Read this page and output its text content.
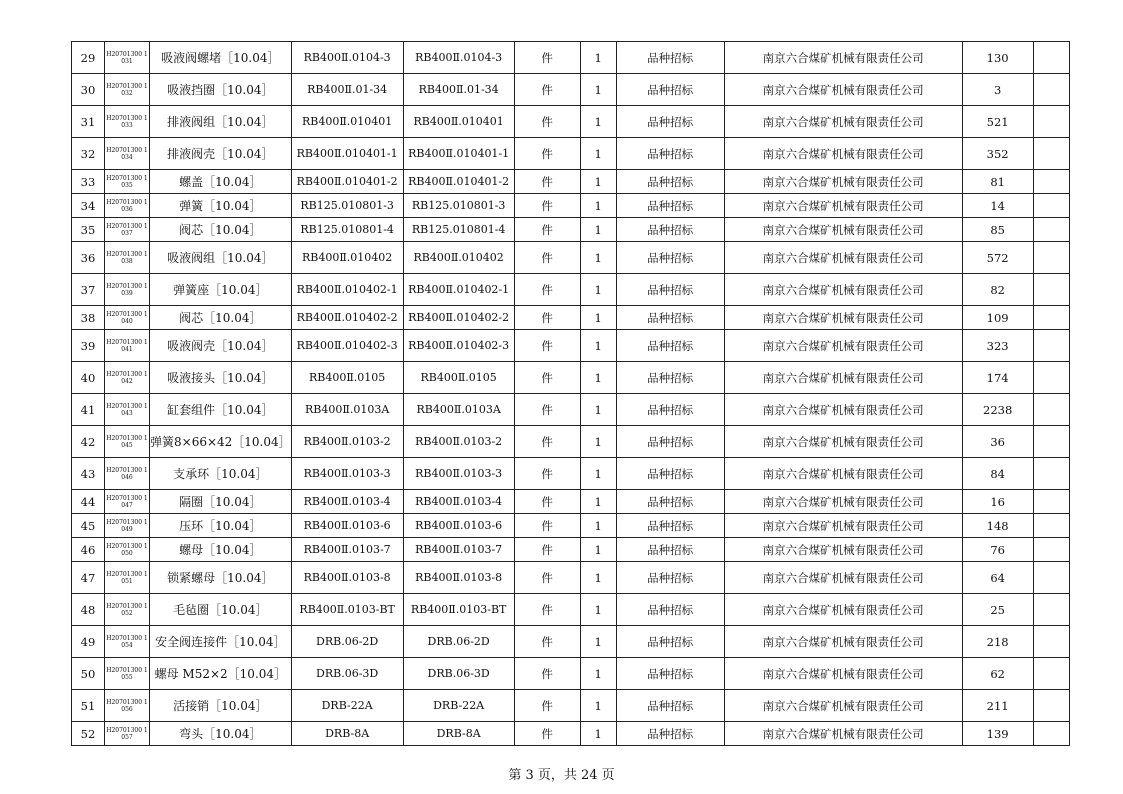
29	H20701300 1031	吸液阀螺堵［10.04］	RB400Ⅱ.0104-3	RB400Ⅱ.0104-3	件	1	品种招标	南京六合煤矿机械有限责任公司	130	
30	H20701300 1032	吸液挡圈［10.04］	RB400Ⅱ.01-34	RB400Ⅱ.01-34	件	1	品种招标	南京六合煤矿机械有限责任公司	3	
31	H20701300 1033	排液阀组［10.04］	RB400Ⅱ.010401	RB400Ⅱ.010401	件	1	品种招标	南京六合煤矿机械有限责任公司	521	
32	H20701300 1034	排液阀壳［10.04］	RB400Ⅱ.010401-1	RB400Ⅱ.010401-1	件	1	品种招标	南京六合煤矿机械有限责任公司	352	
33	H20701300 1035	螺盖［10.04］	RB400Ⅱ.010401-2	RB400Ⅱ.010401-2	件	1	品种招标	南京六合煤矿机械有限责任公司	81	
34	H20701300 1036	弹簧［10.04］	RB125.010801-3	RB125.010801-3	件	1	品种招标	南京六合煤矿机械有限责任公司	14	
35	H20701300 1037	阀芯［10.04］	RB125.010801-4	RB125.010801-4	件	1	品种招标	南京六合煤矿机械有限责任公司	85	
36	H20701300 1038	吸液阀组［10.04］	RB400Ⅱ.010402	RB400Ⅱ.010402	件	1	品种招标	南京六合煤矿机械有限责任公司	572	
37	H20701300 1039	弹簧座［10.04］	RB400Ⅱ.010402-1	RB400Ⅱ.010402-1	件	1	品种招标	南京六合煤矿机械有限责任公司	82	
38	H20701300 1040	阀芯［10.04］	RB400Ⅱ.010402-2	RB400Ⅱ.010402-2	件	1	品种招标	南京六合煤矿机械有限责任公司	109	
39	H20701300 1041	吸液阀壳［10.04］	RB400Ⅱ.010402-3	RB400Ⅱ.010402-3	件	1	品种招标	南京六合煤矿机械有限责任公司	323	
40	H20701300 1042	吸液接头［10.04］	RB400Ⅱ.0105	RB400Ⅱ.0105	件	1	品种招标	南京六合煤矿机械有限责任公司	174	
41	H20701300 1043	缸套组件［10.04］	RB400Ⅱ.0103A	RB400Ⅱ.0103A	件	1	品种招标	南京六合煤矿机械有限责任公司	2238	
42	H20701300 1045	弹簧8×66×42［10.04］	RB400Ⅱ.0103-2	RB400Ⅱ.0103-2	件	1	品种招标	南京六合煤矿机械有限责任公司	36	
43	H20701300 1046	支承环［10.04］	RB400Ⅱ.0103-3	RB400Ⅱ.0103-3	件	1	品种招标	南京六合煤矿机械有限责任公司	84	
44	H20701300 1047	隔圈［10.04］	RB400Ⅱ.0103-4	RB400Ⅱ.0103-4	件	1	品种招标	南京六合煤矿机械有限责任公司	16	
45	H20701300 1049	压环［10.04］	RB400Ⅱ.0103-6	RB400Ⅱ.0103-6	件	1	品种招标	南京六合煤矿机械有限责任公司	148	
46	H20701300 1050	螺母［10.04］	RB400Ⅱ.0103-7	RB400Ⅱ.0103-7	件	1	品种招标	南京六合煤矿机械有限责任公司	76	
47	H20701300 1051	锁紧螺母［10.04］	RB400Ⅱ.0103-8	RB400Ⅱ.0103-8	件	1	品种招标	南京六合煤矿机械有限责任公司	64	
48	H20701300 1052	毛毡圈［10.04］	RB400Ⅱ.0103-BT	RB400Ⅱ.0103-BT	件	1	品种招标	南京六合煤矿机械有限责任公司	25	
49	H20701300 1054	安全阀连接件［10.04］	DRB.06-2D	DRB.06-2D	件	1	品种招标	南京六合煤矿机械有限责任公司	218	
50	H20701300 1055	螺母 M52×2［10.04］	DRB.06-3D	DRB.06-3D	件	1	品种招标	南京六合煤矿机械有限责任公司	62	
51	H20701300 1056	活接销［10.04］	DRB-22A	DRB-22A	件	1	品种招标	南京六合煤矿机械有限责任公司	211	
52	H20701300 1057	弯头［10.04］	DRB-8A	DRB-8A	件	1	品种招标	南京六合煤矿机械有限责任公司	139	
第 3 页，共 24 页
